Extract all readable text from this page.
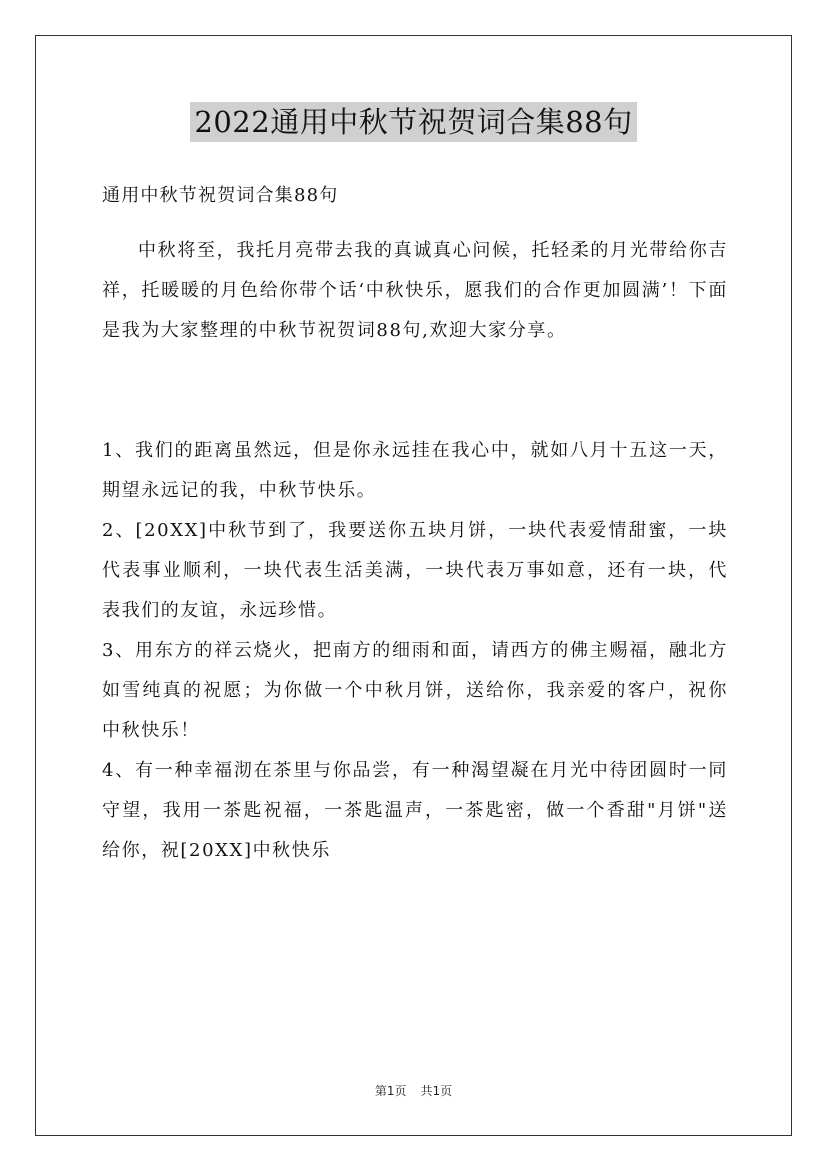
2022通用中秋节祝贺词合集88句

通用中秋节祝贺词合集88句

中秋将至，我托月亮带去我的真诚真心问候，托轻柔的月光带给你吉祥，托暖暖的月色给你带个话‘中秋快乐，愿我们的合作更加圆满’！下面是我为大家整理的中秋节祝贺词88句,欢迎大家分享。

1、我们的距离虽然远，但是你永远挂在我心中，就如八月十五这一天，期望永远记的我，中秋节快乐。

2、[20XX]中秋节到了，我要送你五块月饼，一块代表爱情甜蜜，一块代表事业顺利，一块代表生活美满，一块代表万事如意，还有一块，代表我们的友谊，永远珍惜。

3、用东方的祥云烧火，把南方的细雨和面，请西方的佛主赐福，融北方如雪纯真的祝愿；为你做一个中秋月饼，送给你，我亲爱的客户，祝你中秋快乐！

4、有一种幸福沏在茶里与你品尝，有一种渴望凝在月光中待团圆时一同守望，我用一茶匙祝福，一茶匙温声，一茶匙密，做一个香甜"月饼"送给你，祝[20XX]中秋快乐

第1页 共1页
